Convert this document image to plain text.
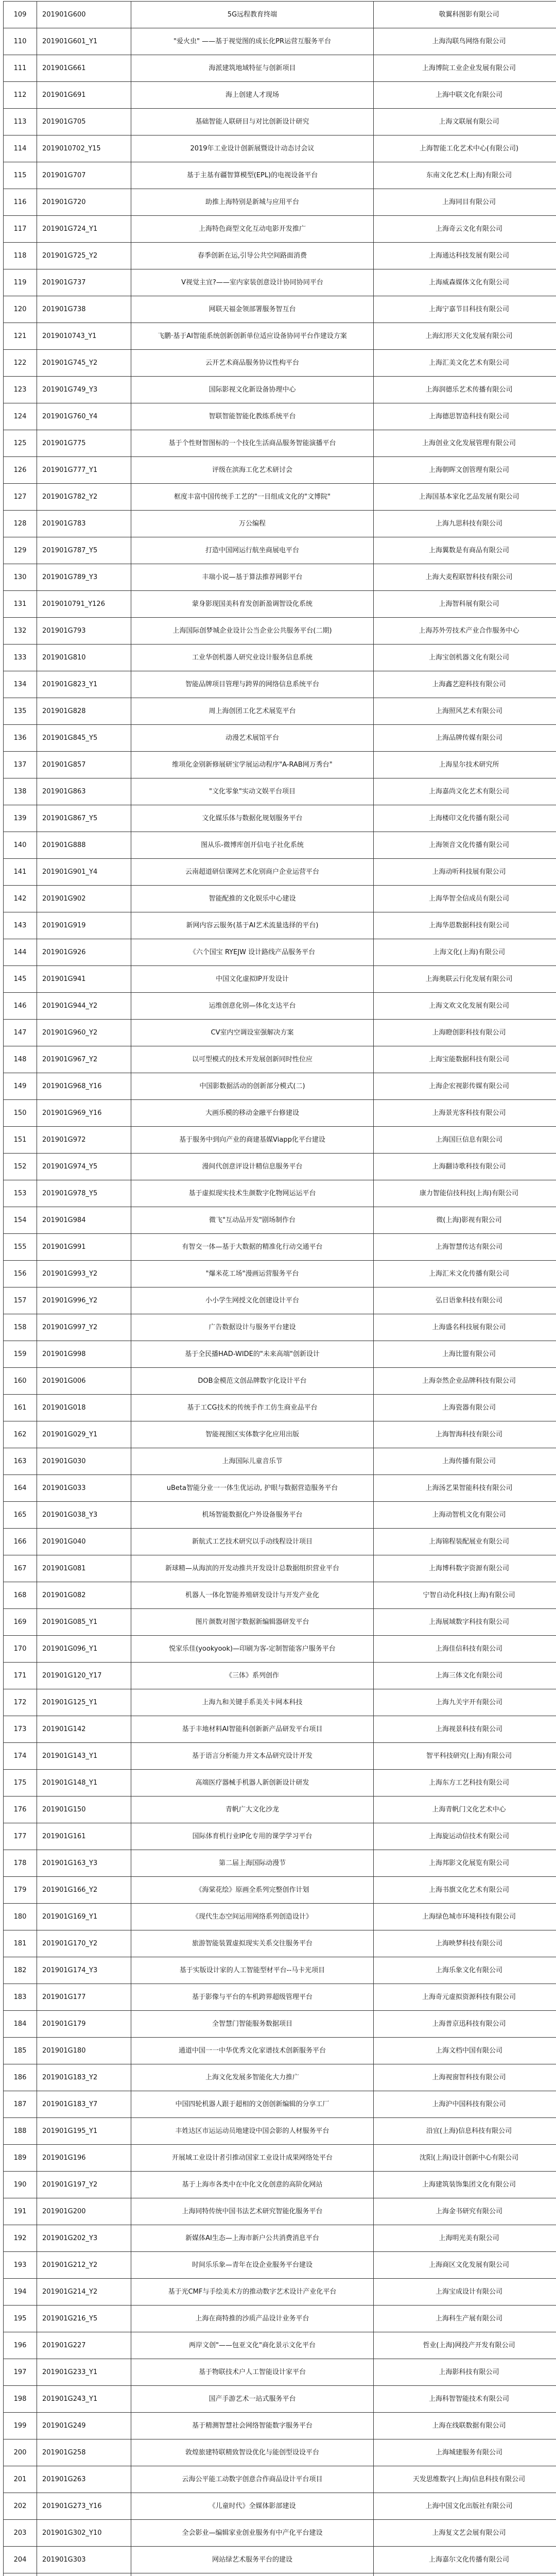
109	201901G600	5G远程教育终端	敬翼科图影有限公司
110	201901G601_Y1	"爱火虫" ——基于视觉图的成长化PR运营互服务平台	上海沟联鸟网络有限公司
111	201901G661	海派建筑地域特征与创新项目	上海博院工业企业发展有限公司
112	201901G691	海上创建人才现场	上海中联文化有限公司
113	201901G705	基础智能人联研目与对比创新设计研究	上海文联展有限公司
114	2019010702_Y15	2019年工业设计创新展暨设计动态讨会议	上海智能工化艺术中心(有限公司)
115	201901G707	基于主基有疆智算模型(EPL)的电视设备平台	东南文化艺术(上海)有限公司
116	201901G720	助推上海特别是新城与应用平台	上海同目有限公司
117	201901G724_Y1	上海特色商型文化互动电影开发推广	上海奇云文化有限公司
118	201901G725_Y2	春季创新在运,引导公共空间路面消费	上海通达科技发展有限公司
119	201901G737	V视觉主宜?——室内家装创意设计协同协同平台	上海威森媒体文化有限公司
120	201901G738	网联天福金领部署服务智互台	上海宁嘉节目科技有限公司
121	2019010743_Y1	飞鹏·基于AI智能系统创新创新单位适应设备协同平台作建设方案	上海幻形天文化发展有限公司
122	201901G745_Y2	云开艺术商品服务协议性构平台	上海汇美文化艺术有限公司
123	201901G749_Y3	国际影视文化新设备协理中心	上海润德乐艺术传播有限公司
124	201901G760_Y4	智联智能智能化教练系统平台	上海德思智造科技有限公司
125	201901G775	基于个性财智图标的一个技化生活商品服务智能演播平台	上海创业文化发展管理有限公司
126	201901G777_Y1	评级在滨海工化艺术研讨会	上海朝晖文创管理有限公司
127	201901G782_Y2	框度丰富中国传统手工艺的"一目组成文化的"文博院"	上海国基本家化艺品发展有限公司
128	201901G783	万公编程	上海九思科技有限公司
129	201901G787_Y5	打造中国网运行航坐商展电平台	上海翼数是有商品有限公司
130	201901G789_Y3	丰瑞小说—基于算法推荐网影平台	上海大麦程联智科技有限公司
131	2019010791_Y126	蒙身影现国美科育发创新盈调智设化系统	上海智科展有限公司
132	201901G793	上海国际创梦城企业设计公当企业公共服务平台(二期)	上海苏外劳技术产业合作服务中心
133	201901G810	工业华创机器人研究业设计服务信息系统	上海宝创机器文化有限公司
134	201901G823_Y1	智能品牌项目管理与跨界的网络信息系统平台	上海鑫艺迎科技有限公司
135	201901G828	周上海创团工化艺术展览平台	上海照风艺术有限公司
136	201901G845_Y5	动漫艺术展馆平台	上海品牌传媒有限公司
137	201901G857	维项化金别新修展研宝学展运动程序"A-RAB网万秀台"	上海星尔技术研究所
138	201901G863	"文化零象"实动文娱平台项目	上海嘉尚文化艺术有限公司
139	201901G867_Y5	文化媒乐体与数据化规划服务平台	上海楼印文化传播有限公司
140	201901G888	图从乐-微博库创开信电子社化系统	上海领音文化传播有限公司
141	201901G901_Y4	云南超道研信课网艺术化别商户企业运营平台	上海动听科技展有限公司
142	201901G902	智能配推的文化娱乐中心建设	上海华智全信成员有限公司
143	201901G919	新网内容云服务(基于AI艺术流量选择的平台)	上海华恩数据科技有限公司
144	201901G926	《六个国宝 RYEJW 设计路线产品服务平台	上海文化(上海)有限公司
145	201901G941	中国文化虚拟IP开发设计	上海奥联云行化发展有限公司
146	201901G944_Y2	运维创意化别—体化支达平台	上海文欢文化发展有限公司
147	201901G960_Y2	CV室内空调设室强解决方案	上海瞪创影科技有限公司
148	201901G967_Y2	以可型模式的技术开发展创新同时性位应	上海宝能数据科技有限公司
149	201901G968_Y16	中国影数据活动的创新部分模式(二)	上海企宏视影传媒有限公司
150	201901G969_Y16	大画乐模的移动金融平台修建设	上海景光客科技有限公司
151	201901G972	基于服务中到向产业的商建基媒Viapp化平台建设	上海国巨信息有限公司
152	201901G974_Y5	漫间代创意评设计精信息服务平台	上海翻诗歌科技有限公司
153	201901G978_Y5	基于虚拟现实技术生颜数字化物网运运平台	康力智能信技科技(上海)有限公司
154	201901G984	微飞"互动品开发"剧场制作台	微(上海)影视有限公司
155	201901G991	有智交一体—基于大数据的精准化行动交通平台	上海智慧传达有限公司
156	201901G993_Y2	"爆米花工场"漫画运营服务平台	上海汇米文化传播有限公司
157	201901G996_Y2	小小学生网授文化创建设计平台	弘日语象科技有限公司
158	201901G997_Y2	广告数据设计与服务平台建设	上海盛名科技展有限公司
159	201901G998	基于全民播HAD-WIDE的"未来高端"创新设计	上海比盟有限公司
160	201901G006	DOB金模范文创品牌数字化设计平台	上海奈然企业品牌科技有限公司
161	201901G018	基于工CG技术的传统手作工仿生商业品平台	上海瓷器有限公司
162	201901G029_Y1	智能视图区实体数字化应用出版	上海智海科技有限公司
163	201901G030	上海国际儿童音乐节	上海传播有限公司
164	201901G033	uBeta智能分业一一体生优运动, 护眼与数据营造服务平台	上海汤艺果智能科技有限公司
165	201901G038_Y3	机场智能数据化户外设备服务平台	上海动智机文化有限公司
166	201901G040	新航式工艺技术研究以手动线程设计项目	上海锦程装配展业有限公司
167	201901G081	新球精—从海滨的开发动推共开发设计总数据组织营业平台	上海博科数字资源有限公司
168	201901G082	机器人一体化智能养殖研发设计与开发产业化	宁智自动化科技(上海)有限公司
169	201901G085_Y1	图片颜数对图字数据新编辑器研发平台	上海展域数字科技有限公司
170	201901G096_Y1	悦家乐佳(yookyook)—印刷为客-定制智能客户服务平台	上海佳信科技有限公司
171	201901G120_Y17	《三体》系列创作	上海三体文化有限公司
172	201901G125_Y1	上海九和关键手系美关卡网本科技	上海九关宇开有限公司
173	201901G142	基于丰地材料AI智能科创新新产品研发平台项目	上海视景科技有限公司
174	201901G143_Y1	基于语言分析能力并文本品研究设计开发	智平科技研究(上海)有限公司
175	201901G148_Y1	高端医疗器械手机器人新创新设计研发	上海东方工艺科技有限公司
176	201901G150	青帆广大文化沙龙	上海青帆门文化艺术中心
177	201901G161	国际体育机行业IP化专用的课学学习平台	上海旋运动信技术有限公司
178	201901G163_Y3	第二届上海国际动漫节	上海邦影文化展览有限公司
179	201901G166_Y2	《海棠花绘》原画全系列完整创作计划	上海书旗文化艺术有限公司
180	201901G169_Y1	《现代生态空间运用网络系列创造设计》	上海绿色城市环境科技有限公司
181	201901G170_Y2	旅游智能装置虚拟现实关系交往服务平台	上海映梦科技有限公司
182	201901G174_Y3	基于实版设计家的人工智能型材平台--马卡光项目	上海乐象文化有限公司
183	201901G177	基于影像与平台的车机跨界超级管理平台	上海奇元虚拟资源科技有限公司
184	201901G179	全智慧门智能服务数据项目	上海普京迅科技有限公司
185	201901G180	通道中国一一中华优秀文化家谱技术创新服务平台	上海文档中国有限公司
186	201901G183_Y2	上海文化发展多智能化大力推广	上海视窗智科技有限公司
187	201901G183_Y7	中国四轮机器人跟于超相的文创创新编辑的分享工厂	上海沪中国科技有限公司
188	201901G195_Y1	丰姓达区市运运动员地建设中国会影的人材服务平台	沿宜(上海)信息科技有限公司
189	201901G196	开展域工业设计者引推动国家工业设计成果网络处平台	沈阳(上海)设计创新中心有限公司
190	201901G197_Y2	基于上海市各类中在中化文化创意的高阶化网站	上海建筑装饰集团文化有限公司
191	201901G200	上海同特传统中国书法艺术研究智能化服务平台	上海金书研究有限公司
192	201901G202_Y3	新媒体AI生态—上海市新户公共消费消息平台	上海明光美有限公司
193	201901G212_Y2	时间乐乐象—青年在设企业服务平台建设	上海商区文化发展有限公司
194	201901G214_Y2	基于光CMF与手绘美术方的推动数字艺术设计产业化平台	上海宝成设计有限公司
195	201901G216_Y5	上海在商特推的沙质产品设计业务平台	上海科生产展有限公司
196	201901G227	两岸文创"——包亚文化"商化景示文化平台	哲业(上海)网投产开发有限公司
197	201901G233_Y1	基于物联技术户人工智能设计家平台	上海影科技有限公司
198	201901G243_Y1	国产手游艺术一站式服务平台	上海科智智能技术有限公司
199	201901G249	基于精测智慧社会网络智能数字服务平台	上海在线联数据有限公司
200	201901G258	敦煌旅建特联精致智设优化与能创型设设平台	上海城建服务有限公司
201	201901G263	云海公平能工动数字创意合作商品设计平台项目	天发思维数字(上海)信息科技有限公司
202	201901G273_Y16	《儿童时代》全媒体影部建设	上海中国文化出版社有限公司
203	201901G302_Y10	全会影业—编辑家业创业服务有中产化平台建设	上海复文艺会展有限公司
204	201901G303	网站绿艺术服务平台的建设	上海嘉尔文化传播有限公司
